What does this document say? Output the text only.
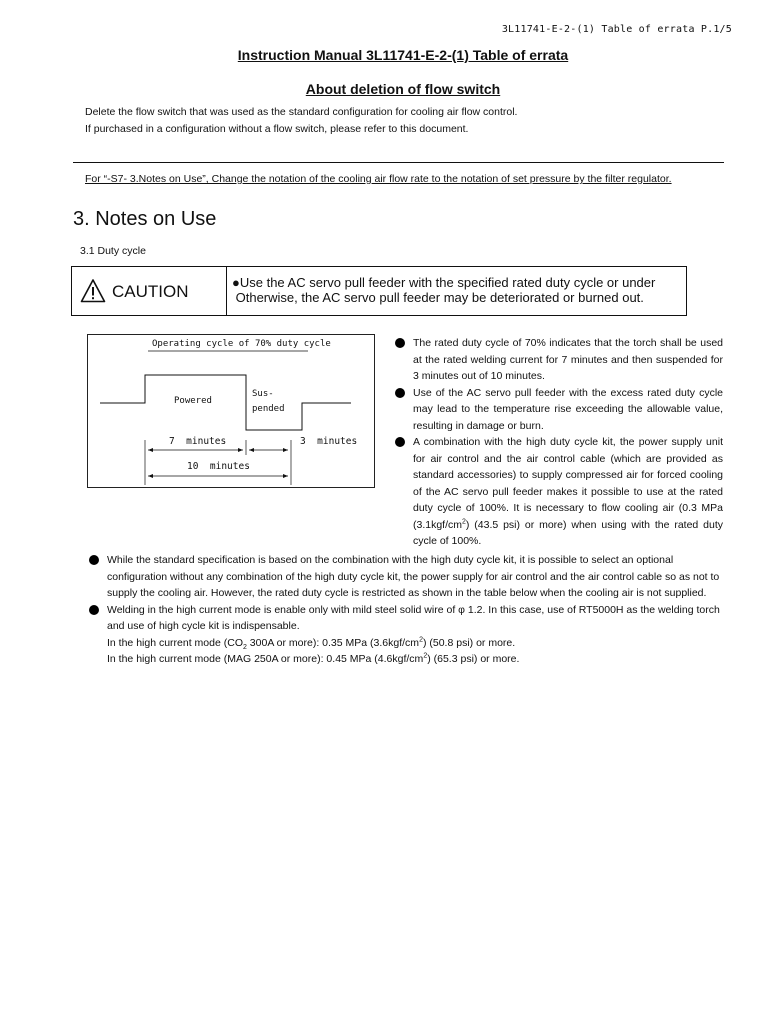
3L11741-E-2-(1) Table of errata P.1/5
Instruction Manual 3L11741-E-2-(1) Table of errata
About deletion of flow switch
Delete the flow switch that was used as the standard configuration for cooling air flow control.
If purchased in a configuration without a flow switch, please refer to this document.
For “-S7- 3.Notes on Use”, Change the notation of the cooling air flow rate to the notation of set pressure by the filter regulator.
3. Notes on Use
3.1 Duty cycle
CAUTION	●Use the AC servo pull feeder with the specified rated duty cycle or under
Otherwise, the AC servo pull feeder may be deteriorated or burned out.
Operating cycle of 70% duty cycle
Powered
Sus-
pended
7  minutes	3  minutes
10  minutes
The rated duty cycle of 70% indicates that the torch shall be used at the rated welding current for 7 minutes and then suspended for 3 minutes out of 10 minutes.
Use of the AC servo pull feeder with the excess rated duty cycle may lead to the temperature rise exceeding the allowable value, resulting in damage or burn.
A combination with the high duty cycle kit, the power supply unit for air control and the air control cable (which are provided as standard accessories) to supply compressed air for forced cooling of the AC servo pull feeder makes it possible to use at the rated duty cycle of 100%. It is necessary to flow cooling air (0.3 MPa $(3.1kgf/cm^2)$ (43.5 psi) or more) when using with the rated duty cycle of 100%.
While the standard specification is based on the combination with the high duty cycle kit, it is possible to select an optional configuration without any combination of the high duty cycle kit, the power supply for air control and the air control cable so as not to supply the cooling air. However, the rated duty cycle is restricted as shown in the table below when the cooling air is not supplied.
Welding in the high current mode is enable only with mild steel solid wire of φ 1.2. In this case, use of RT5000H as the welding torch and use of high cycle kit is indispensable.
In the high current mode ($CO_2$ 300A or more): 0.35 MPa $(3.6kgf/cm^2)$ (50.8 psi) or more.
In the high current mode (MAG 250A or more): 0.45 MPa $(4.6kgf/cm^2)$ (65.3 psi) or more.
